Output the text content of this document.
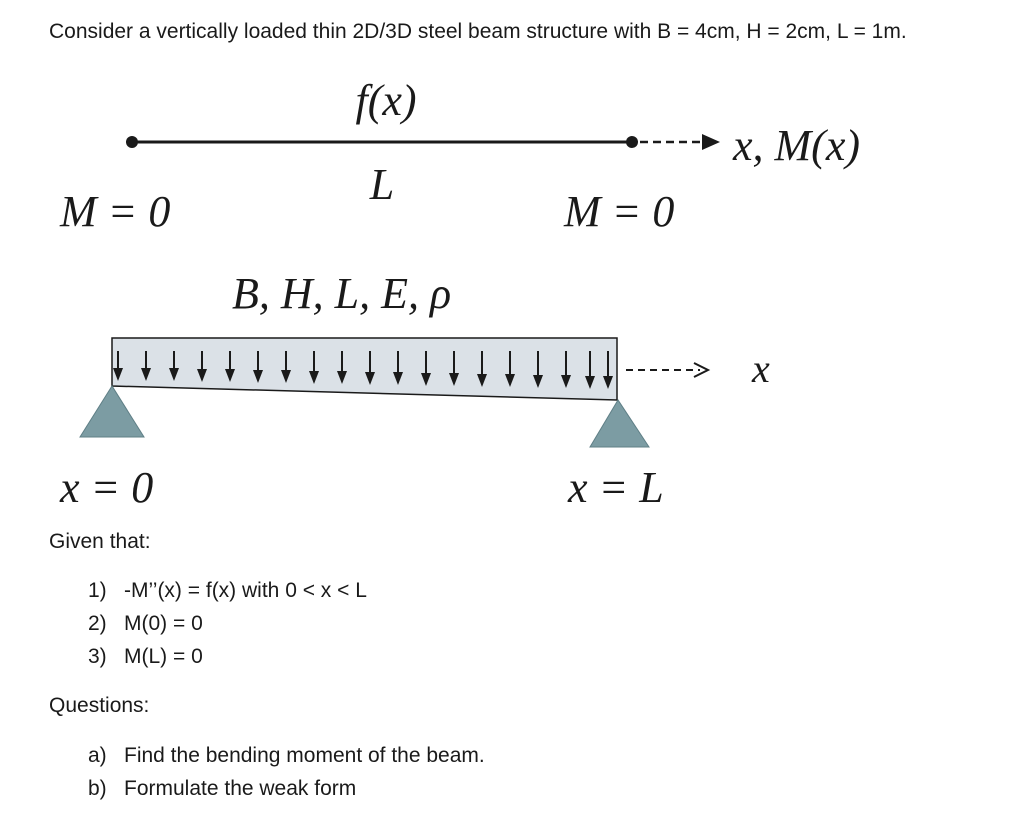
Consider a vertically loaded thin 2D/3D steel beam structure with B = 4cm, H = 2cm, L = 1m.
f(x)
x, M(x)
L
M = 0	M = 0
B, H, L, E, ρ
x
x = 0	x = L
Given that:
1) -M’’(x) = f(x) with 0 < x < L
2) M(0) = 0
3) M(L) = 0
Questions:
a) Find the bending moment of the beam.
b) Formulate the weak form
